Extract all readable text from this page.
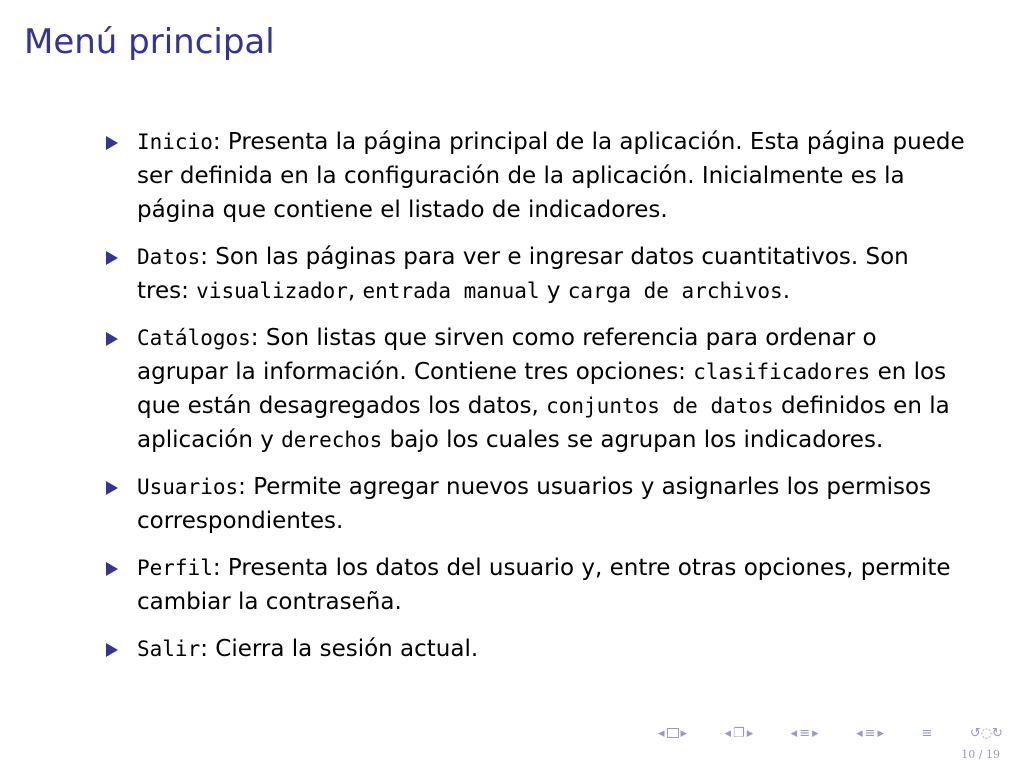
Menú principal
Inicio: Presenta la página principal de la aplicación. Esta página puede ser definida en la configuración de la aplicación. Inicialmente es la página que contiene el listado de indicadores.
Datos: Son las páginas para ver e ingresar datos cuantitativos. Son tres: visualizador, entrada manual y carga de archivos.
Catálogos: Son listas que sirven como referencia para ordenar o agrupar la información. Contiene tres opciones: clasificadores en los que están desagregados los datos, conjuntos de datos definidos en la aplicación y derechos bajo los cuales se agrupan los indicadores.
Usuarios: Permite agregar nuevos usuarios y asignarles los permisos correspondientes.
Perfil: Presenta los datos del usuario y, entre otras opciones, permite cambiar la contraseña.
Salir: Cierra la sesión actual.
◂ ▸	◂ ❐ ▸	◂ ≡ ▸	◂ ≡ ▸	≡	↺◌↻
10 / 19
